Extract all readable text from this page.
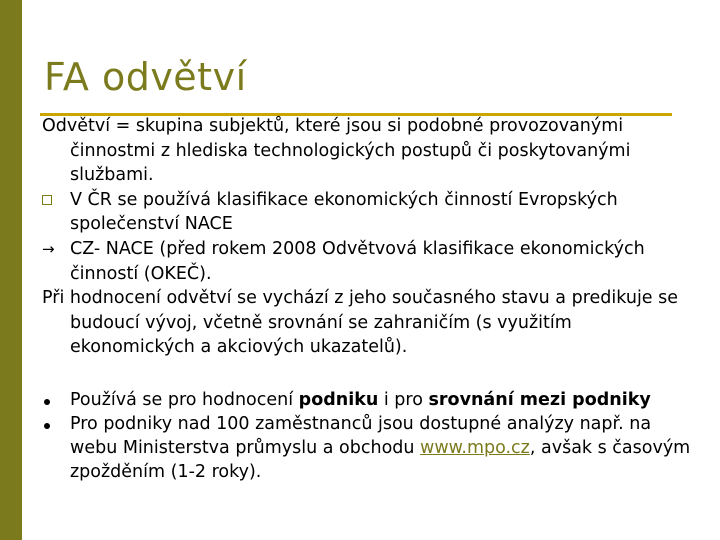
FA odvětví

Odvětví = skupina subjektů, které jsou si podobné provozovanými činnostmi z hlediska technologických postupů či poskytovanými službami.

V ČR se používá klasifikace ekonomických činností Evropských společenství NACE

→ CZ- NACE (před rokem 2008 Odvětvová klasifikace ekonomických činností (OKEČ).

Při hodnocení odvětví se vychází z jeho současného stavu a predikuje se budoucí vývoj, včetně srovnání se zahraničím (s využitím ekonomických a akciových ukazatelů).

Používá se pro hodnocení podniku i pro srovnání mezi podniky

Pro podniky nad 100 zaměstnanců jsou dostupné analýzy např. na webu Ministerstva průmyslu a obchodu www.mpo.cz, avšak s časovým zpožděním (1-2 roky).
